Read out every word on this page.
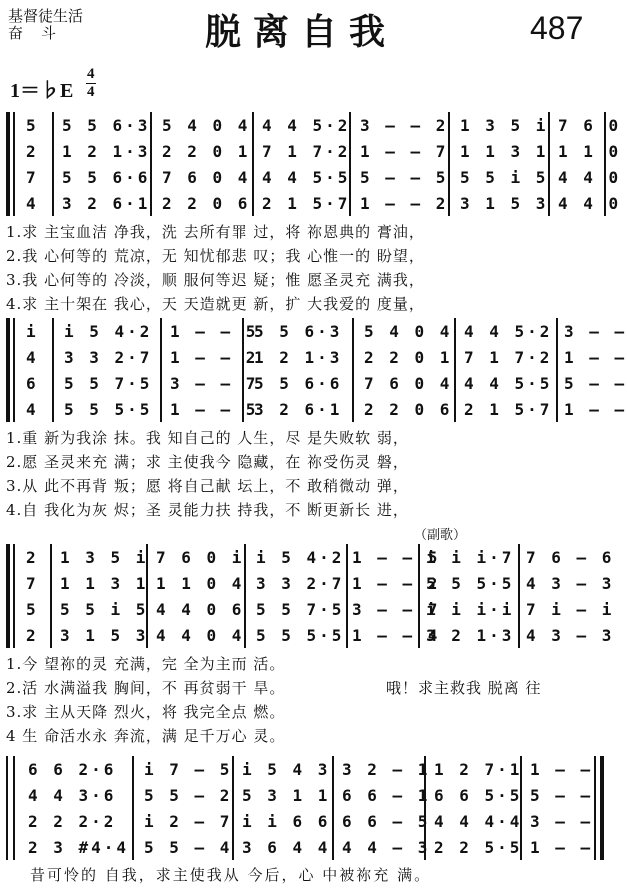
基督徒生活
奋斗	脱离自我	487
1＝♭E
4
4
5 5 5 6·3 5 4 0 4 4 4 5·2 3 – – 2 1 3 5 i 7 6 0
2 1 2 1·3 2 2 0 1 7 1 7·2 1 – – 7 1 1 3 1 1 1 0
7 5 5 6·6 7 6 0 4 4 4 5·5 5 – – 5 5 5 i 5 4 4 0
4 3 2 6·1 2 2 0 6 2 1 5·7 1 – – 2 3 1 5 3 4 4 0
1.求 主宝血洁 净我，洗 去所有罪 过，将 祢恩典的 膏油，
2.我 心何等的 荒凉，无 知忧郁悲 叹；我 心惟一的 盼望，
3.我 心何等的 冷淡，顺 服何等迟 疑；惟 愿圣灵充 满我，
4.求 主十架在 我心，天 天造就更 新，扩 大我爱的 度量，
i i 5 4·2 1 – – 5
5 5 6·3 5 4 0 4 4 4 5·2 3 – –
4 3 3 2·7 1 – – 2
1 2 1·3 2 2 0 1 7 1 7·2 1 – –
6 5 5 7·5 3 – – 7
5 5 6·6 7 6 0 4 4 4 5·5 5 – –
4 5 5 5·5 1 – – 5
3 2 6·1 2 2 0 6 2 1 5·7 1 – –
1.重 新为我涂 抹。我 知自己的 人生，尽 是失败软 弱，
2.愿 圣灵来充 满；求 主使我今 隐藏，在 祢受伤灵 磐，
3.从 此不再背 叛；愿 将自己献 坛上，不 敢稍微动 弹，
4.自 我化为灰 烬；圣 灵能力扶 持我，不 断更新长 进，
（副歌）
2 1 3 5 i 7 6 0 i i 5 4·2 1 – – 5
i i i·7 7 6 – 6
7 1 1 3 1 1 1 0 4 3 3 2·7 1 – – 2
5 5 5·5 4 3 – 3
5 5 5 i 5 4 4 0 6 5 5 7·5 3 – – 7
i i i·i 7 i – i
2 3 1 5 3 4 4 0 4 5 5 5·5 1 – – 4
3 2 1·3 4 3 – 3
1.今 望祢的灵 充满，完 全为主而 活。
2.活 水满溢我 胸间，不 再贫弱干 旱。
3.求 主从天降 烈火，将 我完全点 燃。
4 生 命活水永 奔流，满 足千万心 灵。
哦！求主救我 脱离 往
6 6 2·6 i 7 – 5 i 5 4 3 3 2 – 1 1 2 7·1 1 – –
4 4 3·6 5 5 – 2 5 3 1 1 6 6 – 1 6 6 5·5 5 – –
2 2 2·2 i 2 – 7 i i 6 6 6 6 – 5 4 4 4·4 3 – –
2 3 #4·4 5 5 – 4 3 6 4 4 4 4 – 3 2 2 5·5 1 – –
昔可怜的 自我，求主使我从 今后，心 中被祢充 满。
